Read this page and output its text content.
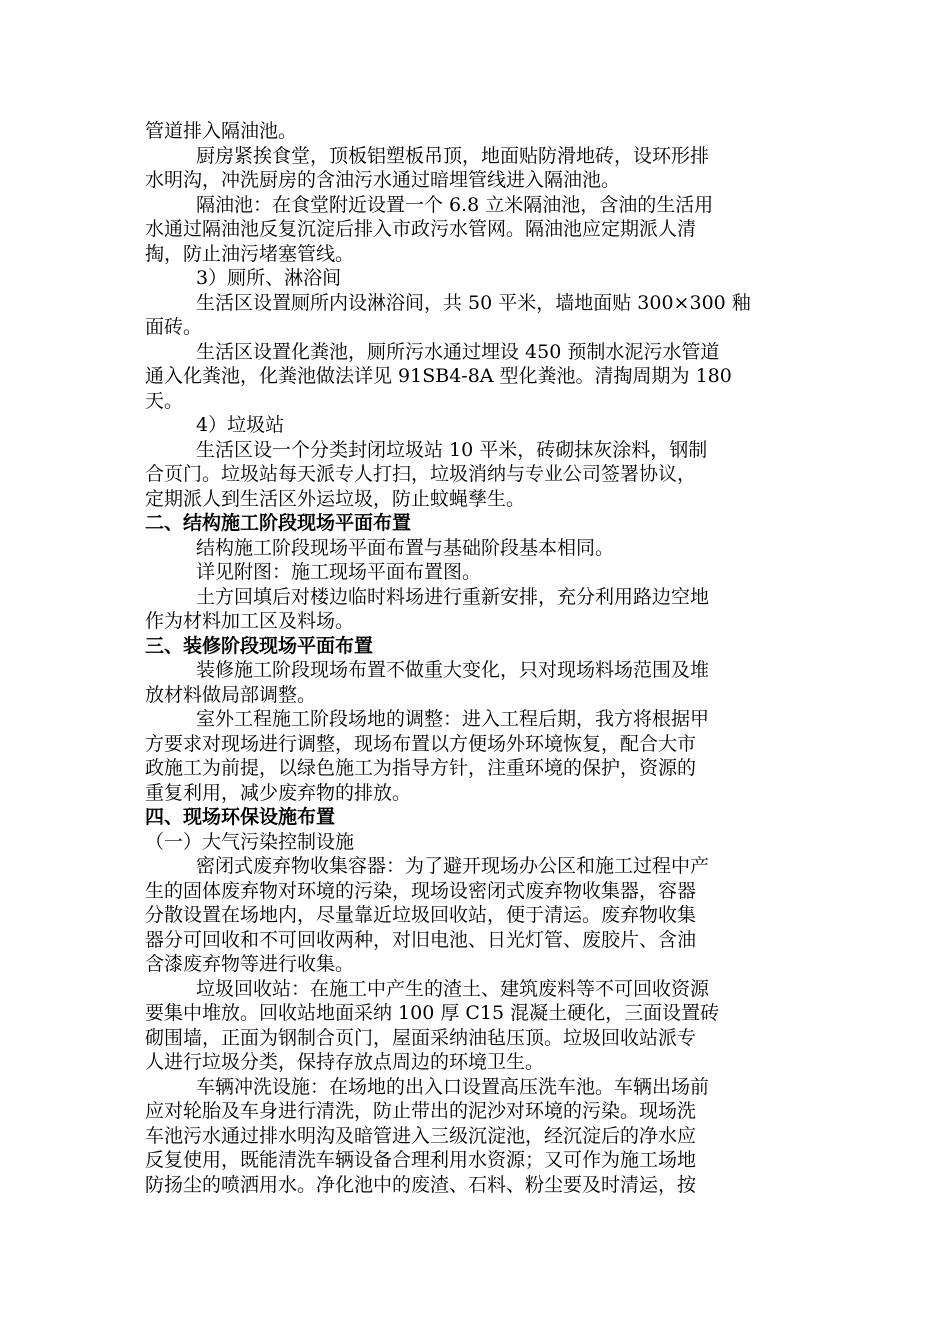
管道排入隔油池。
厨房紧挨食堂，顶板铝塑板吊顶，地面贴防滑地砖，设环形排
水明沟，冲洗厨房的含油污水通过暗埋管线进入隔油池。
隔油池：在食堂附近设置一个 6.8 立米隔油池，含油的生活用
水通过隔油池反复沉淀后排入市政污水管网。隔油池应定期派人清
掏，防止油污堵塞管线。
3）厕所、淋浴间
生活区设置厕所内设淋浴间，共 50 平米，墙地面贴 300×300 釉
面砖。
生活区设置化粪池，厕所污水通过埋设 450 预制水泥污水管道
通入化粪池，化粪池做法详见 91SB4-8A 型化粪池。清掏周期为 180
天。
4）垃圾站
生活区设一个分类封闭垃圾站 10 平米，砖砌抹灰涂料，钢制
合页门。垃圾站每天派专人打扫，垃圾消纳与专业公司签署协议，
定期派人到生活区外运垃圾，防止蚊蝇孳生。
二、结构施工阶段现场平面布置
结构施工阶段现场平面布置与基础阶段基本相同。
详见附图：施工现场平面布置图。
土方回填后对楼边临时料场进行重新安排，充分利用路边空地
作为材料加工区及料场。
三、装修阶段现场平面布置
装修施工阶段现场布置不做重大变化，只对现场料场范围及堆
放材料做局部调整。
室外工程施工阶段场地的调整：进入工程后期，我方将根据甲
方要求对现场进行调整，现场布置以方便场外环境恢复，配合大市
政施工为前提，以绿色施工为指导方针，注重环境的保护，资源的
重复利用，减少废弃物的排放。
四、现场环保设施布置
（一）大气污染控制设施
密闭式废弃物收集容器：为了避开现场办公区和施工过程中产
生的固体废弃物对环境的污染，现场设密闭式废弃物收集器，容器
分散设置在场地内，尽量靠近垃圾回收站，便于清运。废弃物收集
器分可回收和不可回收两种，对旧电池、日光灯管、废胶片、含油
含漆废弃物等进行收集。
垃圾回收站：在施工中产生的渣土、建筑废料等不可回收资源
要集中堆放。回收站地面采纳 100 厚 C15 混凝土硬化，三面设置砖
砌围墙，正面为钢制合页门，屋面采纳油毡压顶。垃圾回收站派专
人进行垃圾分类，保持存放点周边的环境卫生。
车辆冲洗设施：在场地的出入口设置高压洗车池。车辆出场前
应对轮胎及车身进行清洗，防止带出的泥沙对环境的污染。现场洗
车池污水通过排水明沟及暗管进入三级沉淀池，经沉淀后的净水应
反复使用，既能清洗车辆设备合理利用水资源；又可作为施工场地
防扬尘的喷洒用水。净化池中的废渣、石料、粉尘要及时清运，按
